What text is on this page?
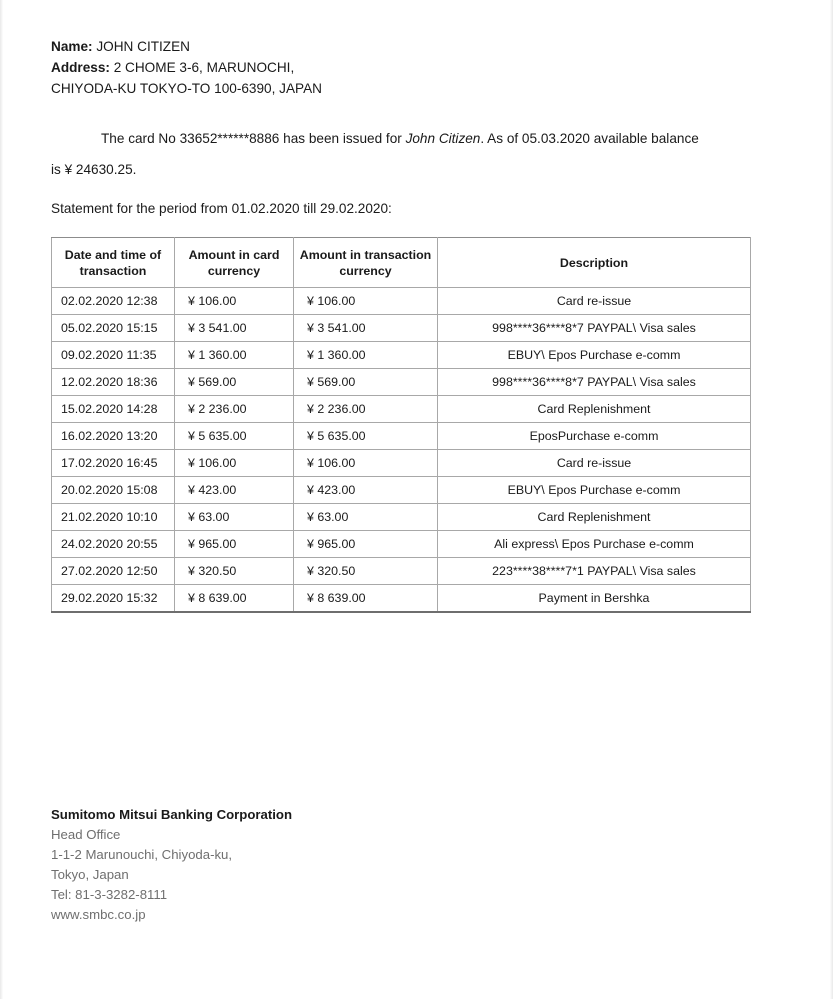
Name: JOHN CITIZEN
Address: 2 CHOME 3-6, MARUNOCHI,
CHIYODA-KU TOKYO-TO 100-6390, JAPAN

The card No 33652******8886 has been issued for John Citizen. As of 05.03.2020 available balance is ¥ 24630.25.

Statement for the period from 01.02.2020 till 29.02.2020:
Date and time of transaction	Amount in card currency	Amount in transaction currency	Description
02.02.2020 12:38	¥ 106.00	¥ 106.00	Card re-issue
05.02.2020 15:15	¥ 3 541.00	¥ 3 541.00	998****36****8*7 PAYPAL\ Visa sales
09.02.2020 11:35	¥ 1 360.00	¥ 1 360.00	EBUY\ Epos Purchase e-comm
12.02.2020 18:36	¥ 569.00	¥ 569.00	998****36****8*7 PAYPAL\ Visa sales
15.02.2020 14:28	¥ 2 236.00	¥ 2 236.00	Card Replenishment
16.02.2020 13:20	¥ 5 635.00	¥ 5 635.00	EposPurchase e-comm
17.02.2020 16:45	¥ 106.00	¥ 106.00	Card re-issue
20.02.2020 15:08	¥ 423.00	¥ 423.00	EBUY\ Epos Purchase e-comm
21.02.2020 10:10	¥ 63.00	¥ 63.00	Card Replenishment
24.02.2020 20:55	¥ 965.00	¥ 965.00	Ali express\ Epos Purchase e-comm
27.02.2020 12:50	¥ 320.50	¥ 320.50	223****38****7*1 PAYPAL\ Visa sales
29.02.2020 15:32	¥ 8 639.00	¥ 8 639.00	Payment in Bershka
Sumitomo Mitsui Banking Corporation
Head Office
1-1-2 Marunouchi, Chiyoda-ku,
Tokyo, Japan
Tel: 81-3-3282-8111
www.smbc.co.jp
